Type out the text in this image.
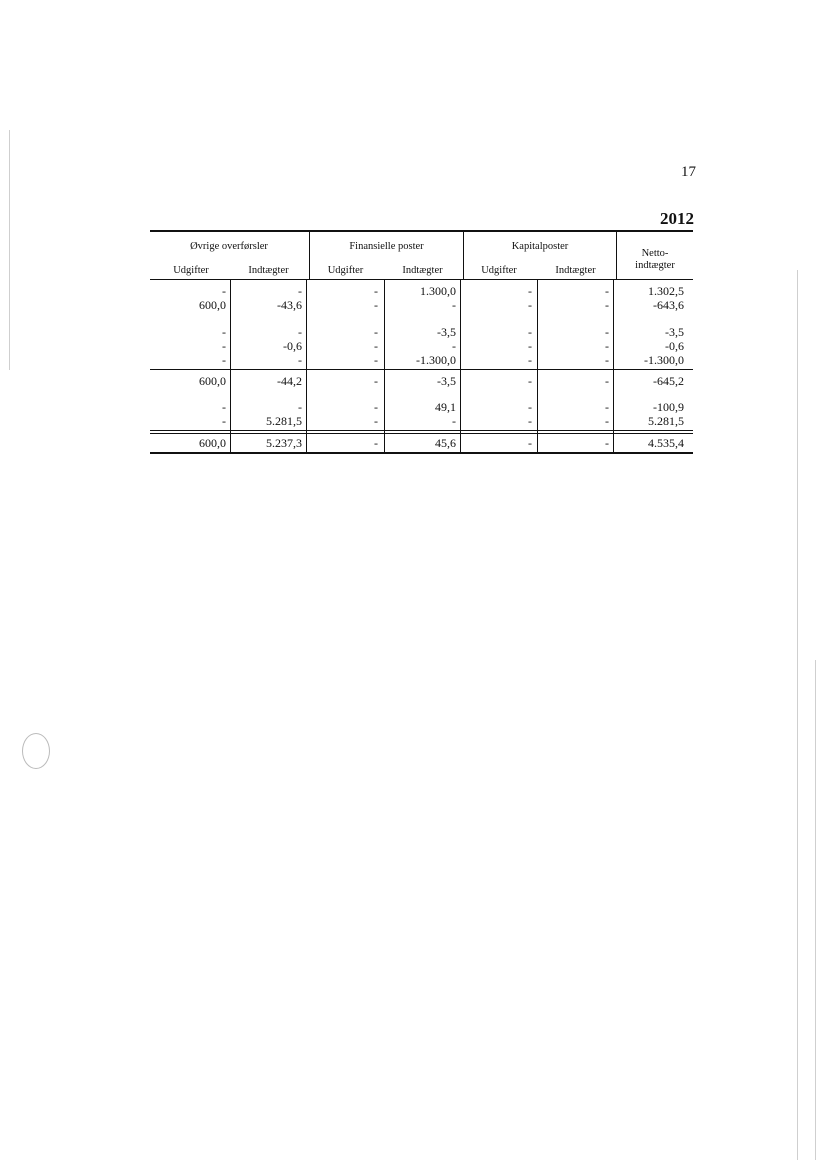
17
2012
Øvrige overførsler	Finansielle poster	Kapitalposter
Netto-
indtægter
Udgifter	Indtægter	Udgifter	Indtægter	Udgifter	Indtægter
-	-	-	1.300,0	-	-	1.302,5
600,0	-43,6	-	-	-	-	-643,6
-	-	-	-3,5	-	-	-3,5
-	-0,6	-	-	-	-	-0,6
-	-	-	-1.300,0	-	-	-1.300,0
600,0	-44,2	-	-3,5	-	-	-645,2
-	-	-	49,1	-	-	-100,9
-	5.281,5	-	-	-	-	5.281,5
600,0	5.237,3	-	45,6	-	-	4.535,4
